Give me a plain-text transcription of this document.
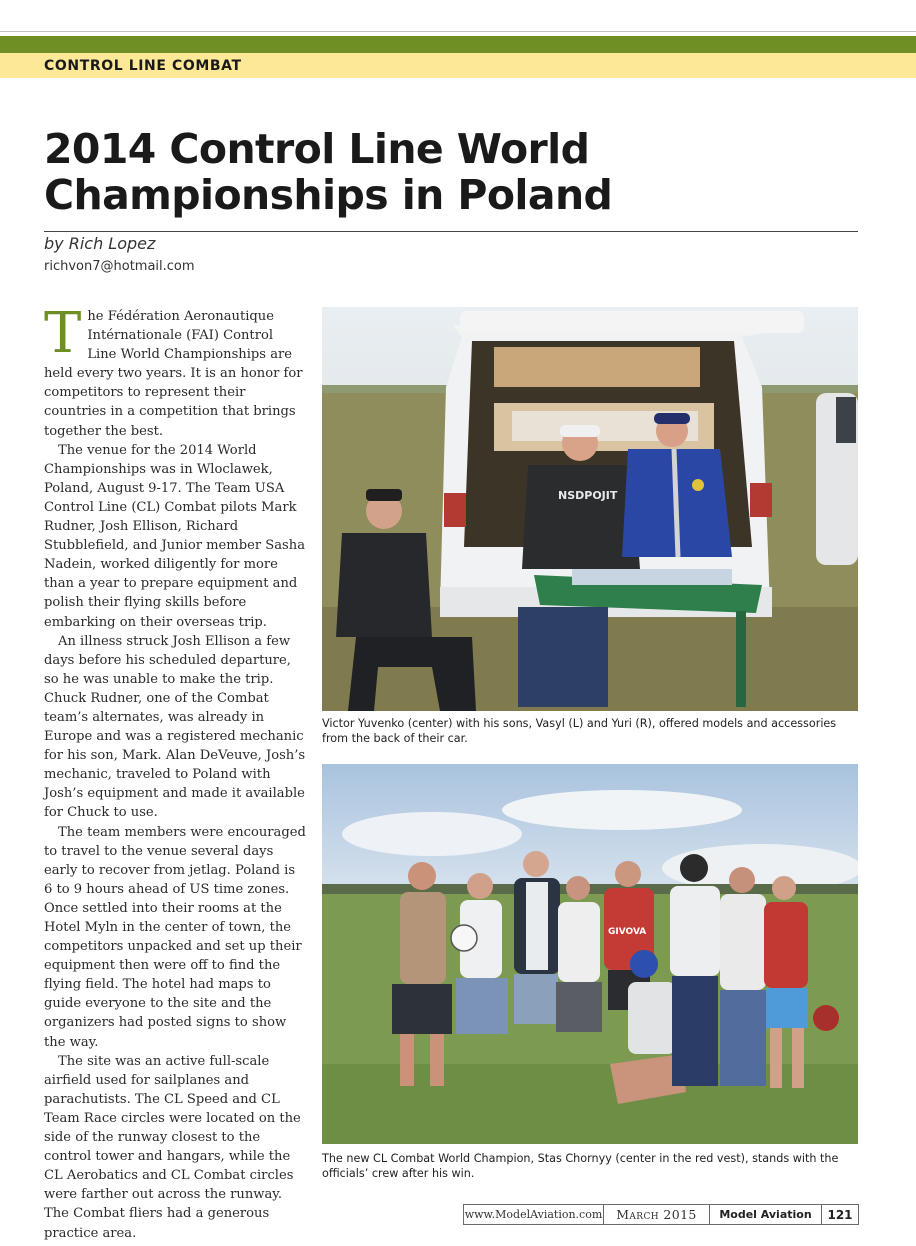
CONTROL LINE COMBAT
2014 Control Line World Championships in Poland
by Rich Lopez
richvon7@hotmail.com

The Fédération Aeronautique Intérnationale (FAI) Control Line World Championships are held every two years. It is an honor for competitors to represent their countries in a competition that brings together the best.

The venue for the 2014 World Championships was in Wloclawek, Poland, August 9-17. The Team USA Control Line (CL) Combat pilots Mark Rudner, Josh Ellison, Richard Stubblefield, and Junior member Sasha Nadein, worked diligently for more than a year to prepare equipment and polish their flying skills before embarking on their overseas trip.

An illness struck Josh Ellison a few days before his scheduled departure, so he was unable to make the trip. Chuck Rudner, one of the Combat team’s alternates, was already in Europe and was a registered mechanic for his son, Mark. Alan DeVeuve, Josh’s mechanic, traveled to Poland with Josh’s equipment and made it available for Chuck to use.

The team members were encouraged to travel to the venue several days early to recover from jetlag. Poland is 6 to 9 hours ahead of US time zones. Once settled into their rooms at the Hotel Myln in the center of town, the competitors unpacked and set up their equipment then were off to find the flying field. The hotel had maps to guide everyone to the site and the organizers had posted signs to show the way.

The site was an active full-scale airfield used for sailplanes and parachutists. The CL Speed and CL Team Race circles were located on the side of the runway closest to the control tower and hangars, while the CL Aerobatics and CL Combat circles were farther out across the runway. The Combat fliers had a generous practice area.

NSDPOJIT
Victor Yuvenko (center) with his sons, Vasyl (L) and Yuri (R), offered models and accessories from the back of their car.
GIVOVA
The new CL Combat World Champion, Stas Chornyy (center in the red vest), stands with the officials’ crew after his win.
www.ModelAviation.com	March 2015	Model Aviation	121
